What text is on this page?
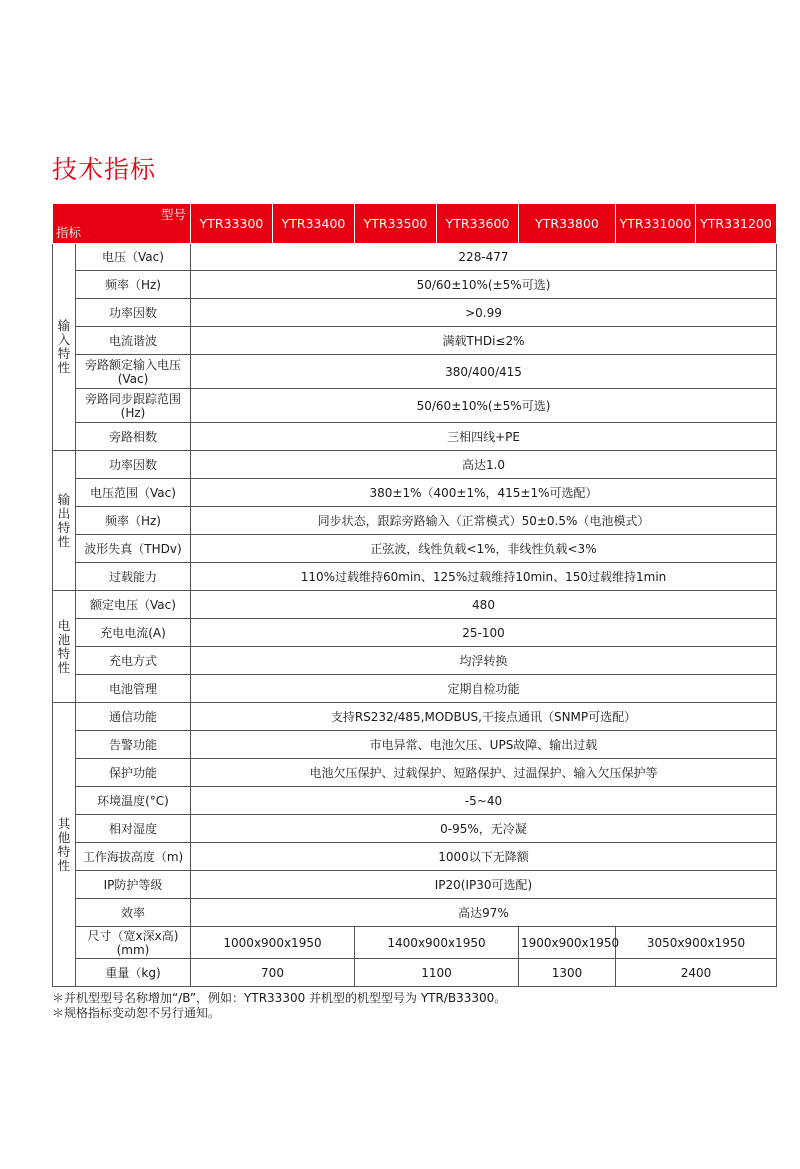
技术指标
型号
指标		YTR33300	YTR33400	YTR33500	YTR33600	YTR33800	YTR331000	YTR331200

输入特性	电压（Vac)	228-477						
	频率（Hz)	50/60±10%(±5%可选)						
	功率因数	>0.99						
	电流谐波	满载THDi≤2%						
	旁路额定输入电压(Vac)	380/400/415						
	旁路同步跟踪范围(Hz)	50/60±10%(±5%可选)						
	旁路相数	三相四线+PE						

输出特性	功率因数	高达1.0						
	电压范围（Vac)	380±1%（400±1%，415±1%可选配）						
	频率（Hz)	同步状态，跟踪旁路输入（正常模式）50±0.5%（电池模式）						
	波形失真（THDv)	正弦波，线性负载<1%，非线性负载<3%						
	过载能力	110%过载维持60min、125%过载维持10min、150过载维持1min						

电池特性	额定电压（Vac)	480						
	充电电流(A)	25-100						
	充电方式	均浮转换						
	电池管理	定期自检功能						

其他特性	通信功能	支持RS232/485,MODBUS,干接点通讯（SNMP可选配）						
	告警功能	市电异常、电池欠压、UPS故障、输出过载						
	保护功能	电池欠压保护、过载保护、短路保护、过温保护、输入欠压保护等						
	环境温度(°C)	-5~40						
	相对湿度	0-95%，无冷凝						
	工作海拔高度（m)	1000以下无降额						
	IP防护等级	IP20(IP30可选配)						
	效率	高达97%						
	尺寸（宽x深x高)(mm)	1000x900x1950		1400x900x1950		1900x900x1950	3050x900x1950	
	重量（kg)	700		1100		1300	2400	
＊并机型型号名称增加“/B”，例如：YTR33300 并机型的机型型号为 YTR/B33300。
＊规格指标变动恕不另行通知。
